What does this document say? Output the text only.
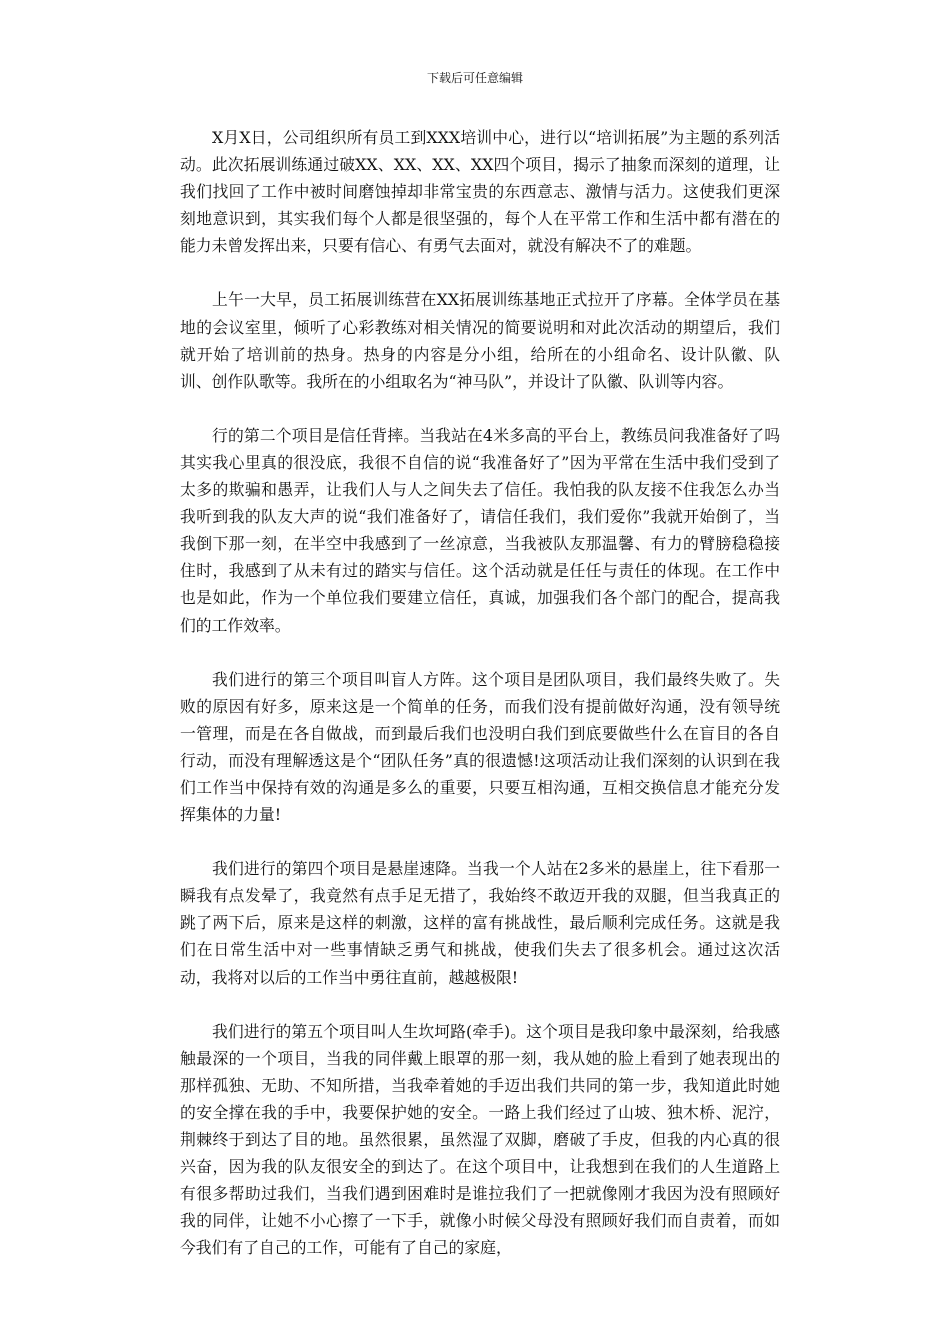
下载后可任意编辑

X月X日，公司组织所有员工到XXX培训中心，进行以“培训拓展”为主题的系列活动。此次拓展训练通过破XX、XX、XX、XX四个项目，揭示了抽象而深刻的道理，让我们找回了工作中被时间磨蚀掉却非常宝贵的东西意志、激情与活力。这使我们更深刻地意识到，其实我们每个人都是很坚强的，每个人在平常工作和生活中都有潜在的能力未曾发挥出来，只要有信心、有勇气去面对，就没有解决不了的难题。

上午一大早，员工拓展训练营在XX拓展训练基地正式拉开了序幕。全体学员在基地的会议室里，倾听了心彩教练对相关情况的简要说明和对此次活动的期望后，我们就开始了培训前的热身。热身的内容是分小组，给所在的小组命名、设计队徽、队训、创作队歌等。我所在的小组取名为“神马队”，并设计了队徽、队训等内容。

行的第二个项目是信任背摔。当我站在4米多高的平台上，教练员问我准备好了吗其实我心里真的很没底，我很不自信的说“我准备好了”因为平常在生活中我们受到了太多的欺骗和愚弄，让我们人与人之间失去了信任。我怕我的队友接不住我怎么办当我听到我的队友大声的说“我们准备好了，请信任我们，我们爱你”我就开始倒了，当我倒下那一刻，在半空中我感到了一丝凉意，当我被队友那温馨、有力的臂膀稳稳接住时，我感到了从未有过的踏实与信任。这个活动就是任任与责任的体现。在工作中也是如此，作为一个单位我们要建立信任，真诚，加强我们各个部门的配合，提高我们的工作效率。

我们进行的第三个项目叫盲人方阵。这个项目是团队项目，我们最终失败了。失败的原因有好多，原来这是一个简单的任务，而我们没有提前做好沟通，没有领导统一管理，而是在各自做战，而到最后我们也没明白我们到底要做些什么在盲目的各自行动，而没有理解透这是个“团队任务”真的很遗憾!这项活动让我们深刻的认识到在我们工作当中保持有效的沟通是多么的重要，只要互相沟通，互相交换信息才能充分发挥集体的力量!

我们进行的第四个项目是悬崖速降。当我一个人站在2多米的悬崖上，往下看那一瞬我有点发晕了，我竟然有点手足无措了，我始终不敢迈开我的双腿，但当我真正的跳了两下后，原来是这样的刺激，这样的富有挑战性，最后顺利完成任务。这就是我们在日常生活中对一些事情缺乏勇气和挑战，使我们失去了很多机会。通过这次活动，我将对以后的工作当中勇往直前，越越极限!

我们进行的第五个项目叫人生坎坷路(牵手)。这个项目是我印象中最深刻，给我感触最深的一个项目，当我的同伴戴上眼罩的那一刻，我从她的脸上看到了她表现出的那样孤独、无助、不知所措，当我牵着她的手迈出我们共同的第一步，我知道此时她的安全撑在我的手中，我要保护她的安全。一路上我们经过了山坡、独木桥、泥泞，荆棘终于到达了目的地。虽然很累，虽然湿了双脚，磨破了手皮，但我的内心真的很兴奋，因为我的队友很安全的到达了。在这个项目中，让我想到在我们的人生道路上有很多帮助过我们，当我们遇到困难时是谁拉我们了一把就像刚才我因为没有照顾好我的同伴，让她不小心擦了一下手，就像小时候父母没有照顾好我们而自责着，而如今我们有了自己的工作，可能有了自己的家庭，
